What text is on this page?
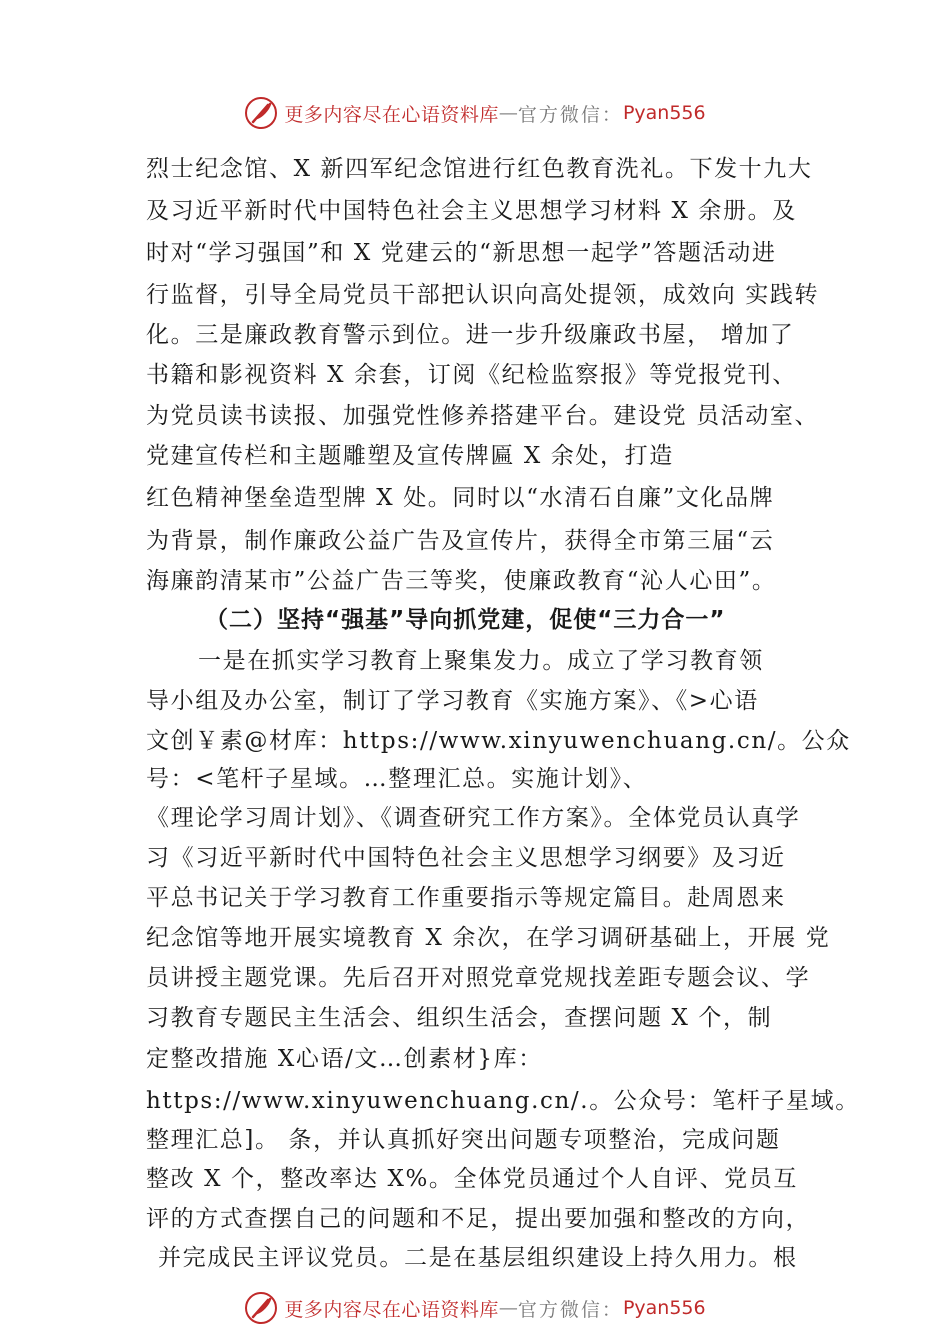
更多内容尽在心语资料库 — 官方微信： Pyan556
烈士纪念馆、X 新四军纪念馆进行红色教育洗礼。下发十九大
及习近平新时代中国特色社会主义思想学习材料 X 余册。及
时对“学习强国”和 X 党建云的“新思想一起学”答题活动进
行监督，引导全局党员干部把认识向高处提领，成效向 实践转
化。三是廉政教育警示到位。进一步升级廉政书屋， 增加了
书籍和影视资料 X 余套，订阅《纪检监察报》等党报党刊、
为党员读书读报、加强党性修养搭建平台。建设党 员活动室、
党建宣传栏和主题雕塑及宣传牌匾 X 余处，打造
红色精神堡垒造型牌 X 处。同时以“水清石自廉”文化品牌
为背景，制作廉政公益广告及宣传片，获得全市第三届“云
海廉韵清某市”公益广告三等奖，使廉政教育“沁人心田”。
（二）坚持“强基”导向抓党建，促使“三力合一”
一是在抓实学习教育上聚集发力。成立了学习教育领
导小组及办公室，制订了学习教育《实施方案》、《>心语
文创￥素@材库：https://www.xinyuwenchuang.cn/。公众
号：<笔杆子星域。…整理汇总。实施计划》、
《理论学习周计划》、《调查研究工作方案》。全体党员认真学
习《习近平新时代中国特色社会主义思想学习纲要》及习近
平总书记关于学习教育工作重要指示等规定篇目。赴周恩来
纪念馆等地开展实境教育 X 余次，在学习调研基础上，开展 党
员讲授主题党课。先后召开对照党章党规找差距专题会议、学
习教育专题民主生活会、组织生活会，查摆问题 X 个，制
定整改措施 X心语/文…创素材}库：
https://www.xinyuwenchuang.cn/.。公众号：笔杆子星域。
整理汇总]。 条，并认真抓好突出问题专项整治，完成问题
整改 X 个，整改率达 X%。全体党员通过个人自评、党员互
评的方式查摆自己的问题和不足，提出要加强和整改的方向，
并完成民主评议党员。二是在基层组织建设上持久用力。根
更多内容尽在心语资料库 — 官方微信： Pyan556
